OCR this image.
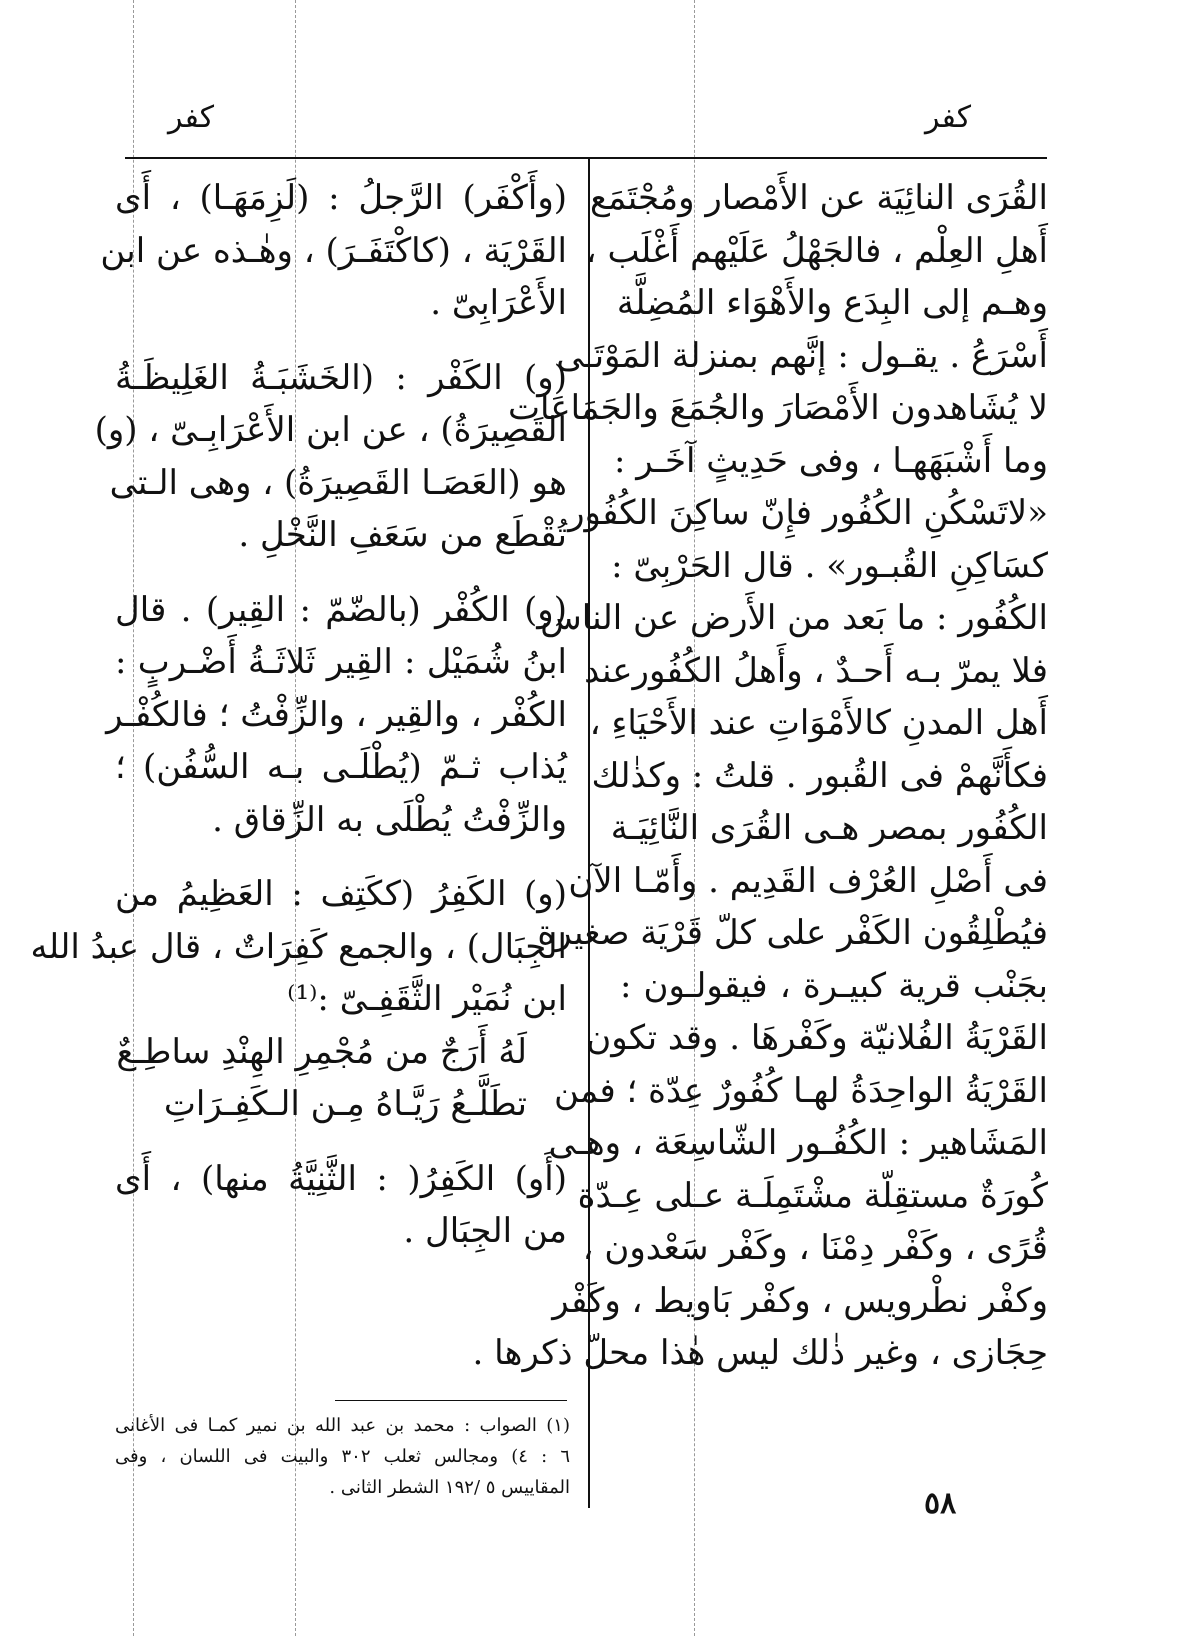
كفر	كفر
القُرَى النائِيَة عن الأَمْصار ومُجْتَمَع
أَهلِ العِلْم ، فالجَهْلُ عَلَيْهم أَغْلَب ،
وهـم إلى البِدَع والأَهْوَاء المُضِلَّة
أَسْرَعُ . يقـول : إنَّهم بمنزلة المَوْتَـى
لا يُشَاهدون الأَمْصَارَ والجُمَعَ والجَمَاعَات
وما أَشْبَهَهـا ، وفى حَدِيثٍ آخَـر :
«لاتَسْكُنِ الكُفُور فإِنّ ساكِنَ الكُفُور
كسَاكِنِ القُبـور» . قال الحَرْبِىّ :
الكُفُور : ما بَعد من الأَرض عن الناس
فلا يمرّ بـه أَحـدٌ ، وأَهلُ الكُفُورعند
أَهل المدنِ كالأَمْوَاتِ عند الأَحْيَاءِ ،
فكأَنَّهمْ فى القُبور . قلتُ : وكذٰلك
الكُفُور بمصر هـى القُرَى النَّائِيَـة
فى أَصْلِ العُرْف القَدِيم . وأَمّـا الآن
فيُطْلِقُون الكَفْر على كلّ قَرْيَة صغيرة
بجَنْب قرية كبيـرة ، فيقولـون :
القَرْيَةُ الفُلانيّة وكَفْرهَا . وقد تكون
القَرْيَةُ الواحِدَةُ لهـا كُفُورٌ عِدّة ؛ فمن
المَشَاهير : الكُفُـور الشّاسِعَة ، وهـى
كُورَةٌ مستقِلّة مشْتَمِلَـة عـلى عِـدّة
قُرًى ، وكَفْر دِمْنَا ، وكَفْر سَعْدون ،
وكفْر نطْرويس ، وكفْر بَاويط ، وكَفْر
حِجَازى ، وغير ذٰلك ليس هٰذا محلّ ذكرها .
(وأَكْفَر) الرَّجلُ : (لَزِمَهَـا) ، أَى
القَرْيَة ، (كاكْتَفَـرَ) ، وهٰـذه عن ابن
الأَعْرَابِىّ .
(و) الكَفْر : (الخَشَبَـةُ الغَلِيظَـةُ
القَصِيرَةُ) ، عن ابن الأَعْرَابِـىّ ، (و)
هو (العَصَـا القَصِيرَةُ) ، وهى الـتى
تُقْطَع من سَعَفِ النَّخْلِ .
(و) الكُفْر (بالضّمّ : القِير) . قال
ابنُ شُمَيْل : القِير ثَلاثَـةُ أَضْـربٍ :
الكُفْر ، والقِير ، والزِّفْتُ ؛ فالكُفْـر
يُذاب ثـمّ (يُطْلَـى بـه السُّفُن) ؛
والزِّفْتُ يُطْلَى به الزِّقاق .
(و) الكَفِرُ (ككَتِف : العَظِيمُ من
الجِبَال) ، والجمع كَفِرَاتٌ ، قال عبدُ الله
ابن نُمَيْر الثَّقَفِـىّ :⁽¹⁾
لَهُ أَرَجٌ من مُجْمِرِ الهِنْدِ ساطِـعٌ
تطَلَّـعُ رَيَّـاهُ مِـن الـكَفِـرَاتِ
(أَو) الكَفِرُ( : الثَّنِيَّةُ منها) ، أَى
من الجِبَال .
(١) الصواب : محمد بن عبد الله بن نمير كمـا فى الأغانى
٦ : ٤) ومجالس ثعلب ٣٠٢ والبيت فى اللسان ، وفى
المقاييس ٥ /١٩٢ الشطر الثانى .	٥٨
